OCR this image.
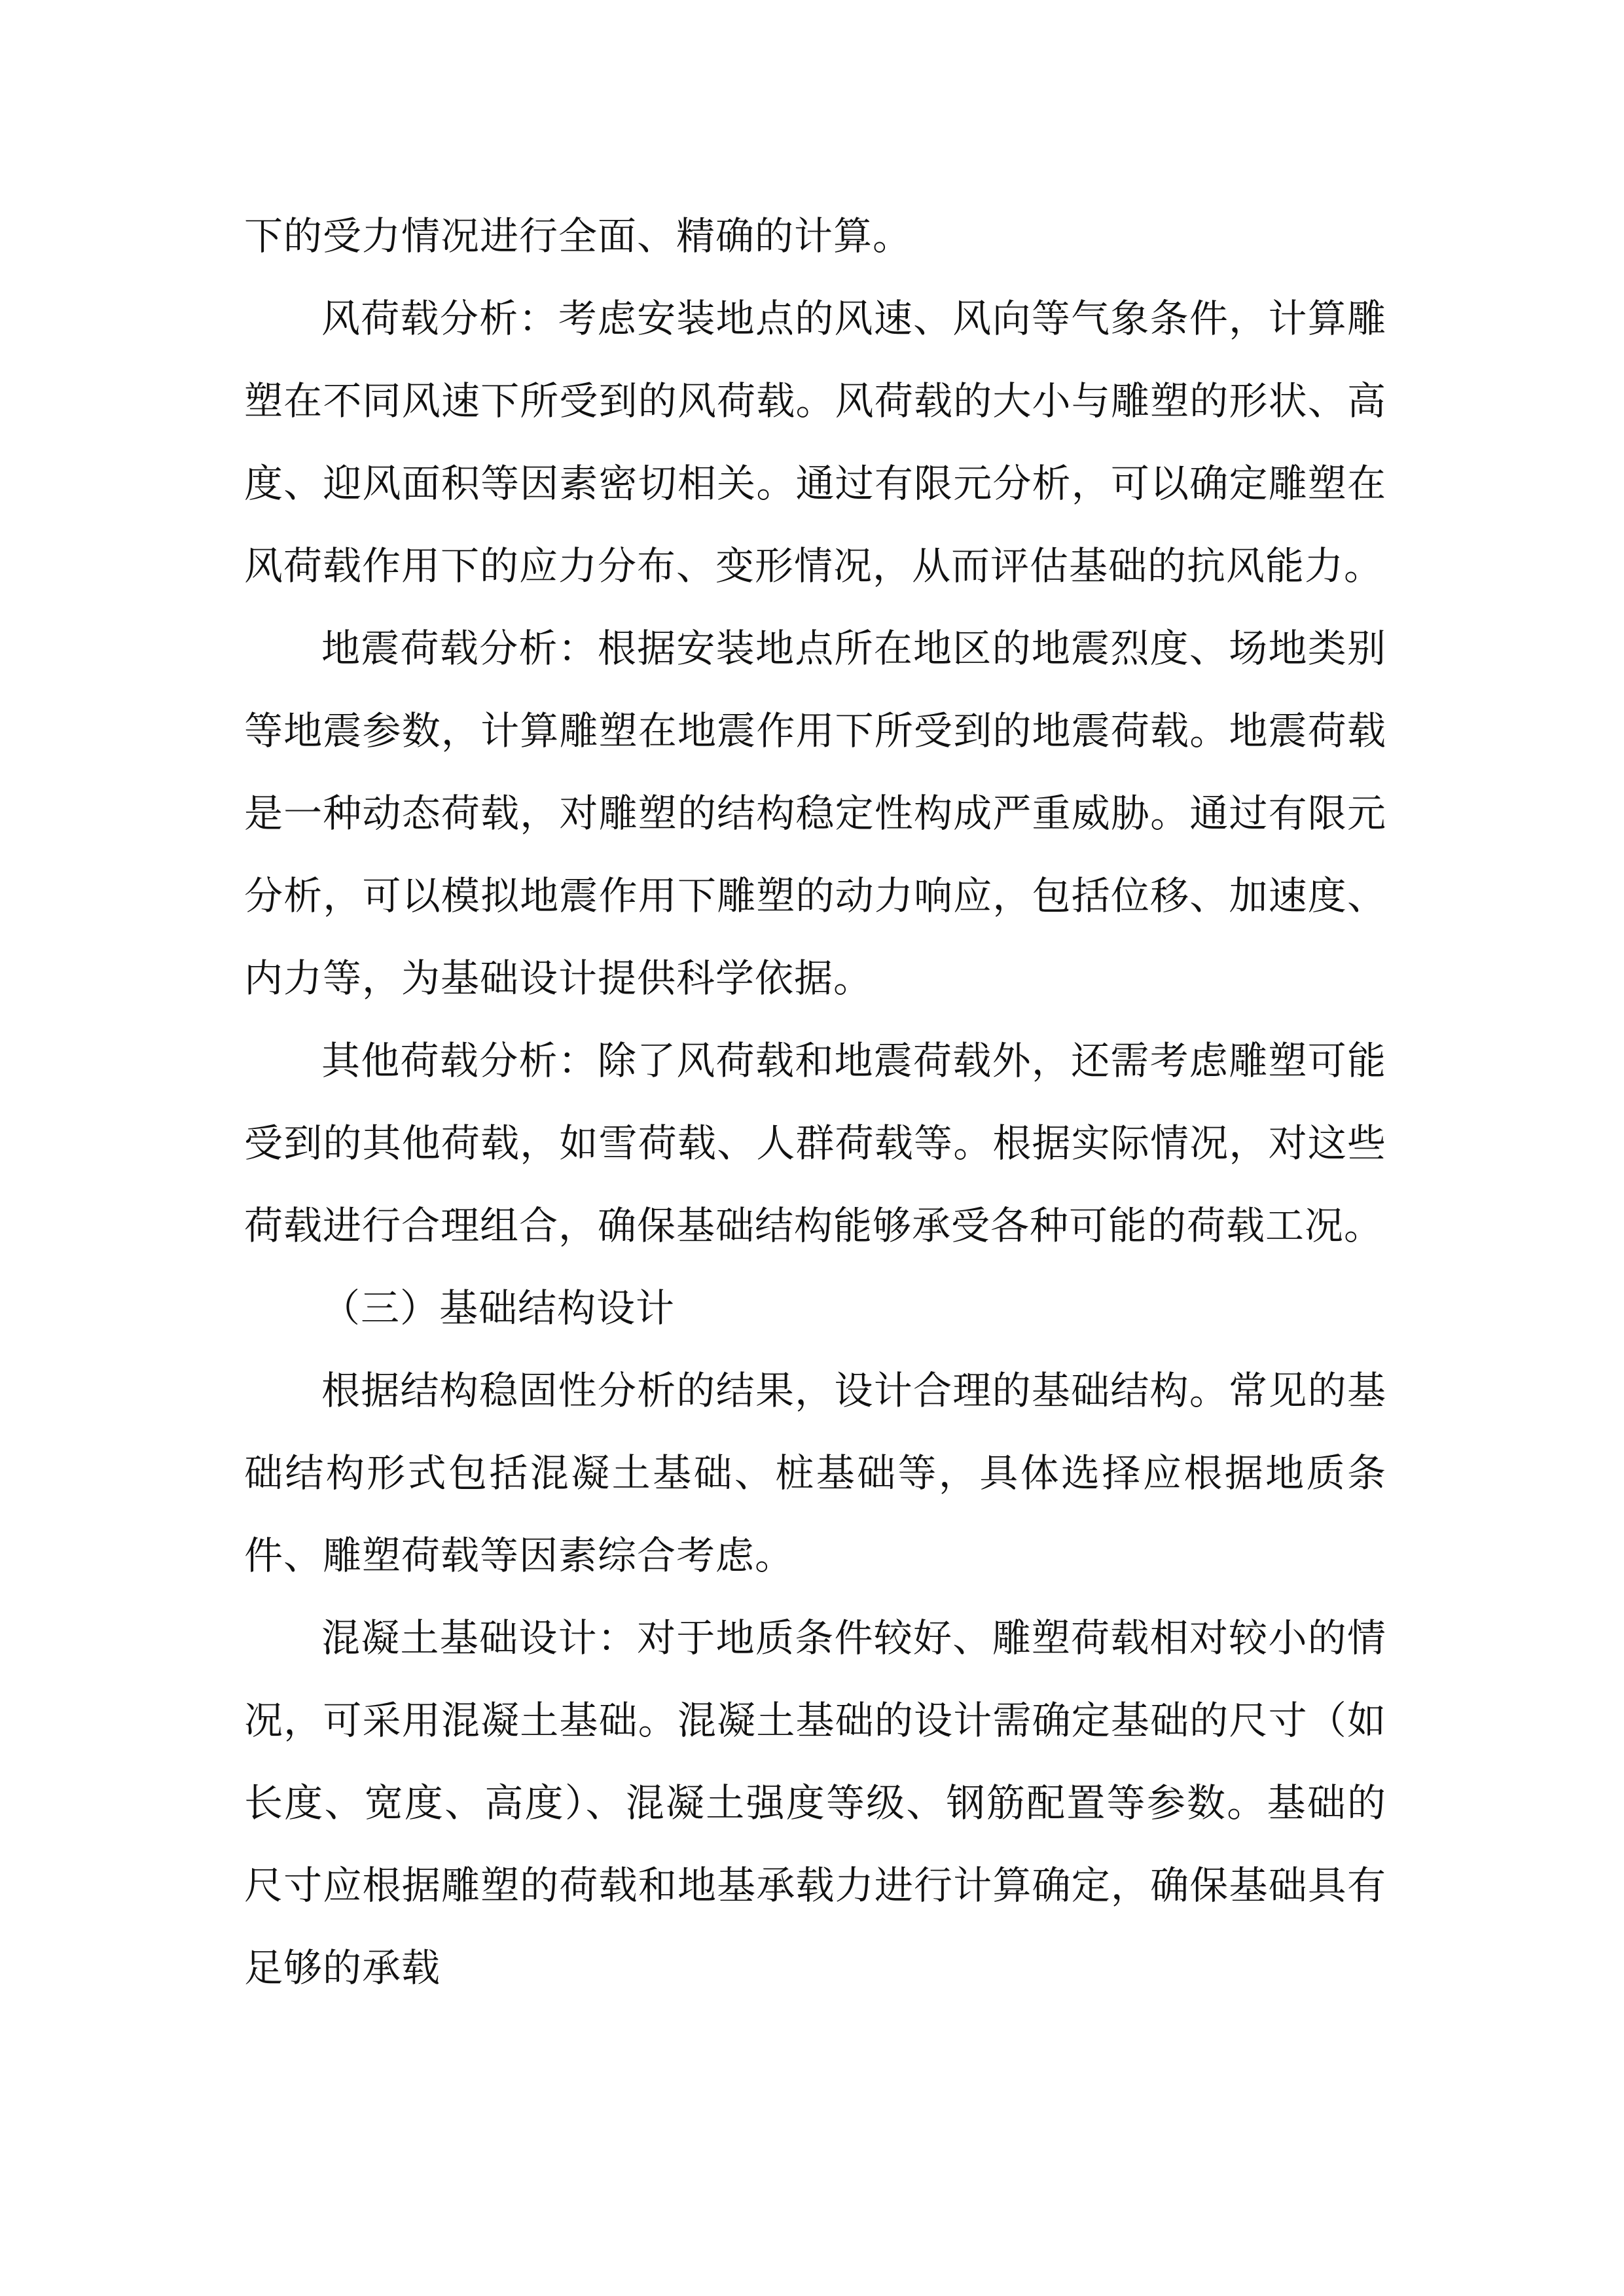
下的受力情况进行全面、精确的计算。

风荷载分析：考虑安装地点的风速、风向等气象条件，计算雕塑在不同风速下所受到的风荷载。风荷载的大小与雕塑的形状、高度、迎风面积等因素密切相关。通过有限元分析，可以确定雕塑在风荷载作用下的应力分布、变形情况，从而评估基础的抗风能力。

地震荷载分析：根据安装地点所在地区的地震烈度、场地类别等地震参数，计算雕塑在地震作用下所受到的地震荷载。地震荷载是一种动态荷载，对雕塑的结构稳定性构成严重威胁。通过有限元分析，可以模拟地震作用下雕塑的动力响应，包括位移、加速度、内力等，为基础设计提供科学依据。

其他荷载分析：除了风荷载和地震荷载外，还需考虑雕塑可能受到的其他荷载，如雪荷载、人群荷载等。根据实际情况，对这些荷载进行合理组合，确保基础结构能够承受各种可能的荷载工况。

（三）基础结构设计

根据结构稳固性分析的结果，设计合理的基础结构。常见的基础结构形式包括混凝土基础、桩基础等，具体选择应根据地质条件、雕塑荷载等因素综合考虑。

混凝土基础设计：对于地质条件较好、雕塑荷载相对较小的情况，可采用混凝土基础。混凝土基础的设计需确定基础的尺寸（如长度、宽度、高度）、混凝土强度等级、钢筋配置等参数。基础的尺寸应根据雕塑的荷载和地基承载力进行计算确定，确保基础具有足够的承载
